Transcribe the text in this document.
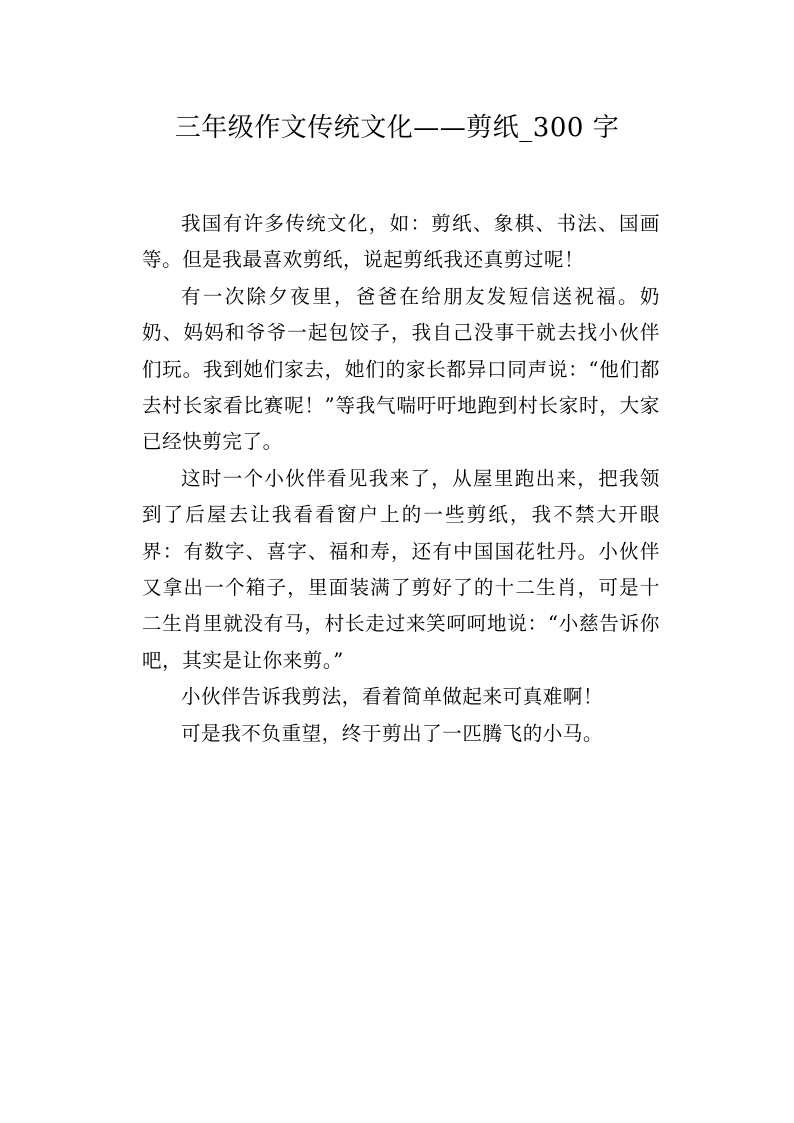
三年级作文传统文化——剪纸_300 字

我国有许多传统文化，如：剪纸、象棋、书法、国画等。但是我最喜欢剪纸，说起剪纸我还真剪过呢！

有一次除夕夜里，爸爸在给朋友发短信送祝福。奶奶、妈妈和爷爷一起包饺子，我自己没事干就去找小伙伴们玩。我到她们家去，她们的家长都异口同声说：“他们都去村长家看比赛呢！”等我气喘吁吁地跑到村长家时，大家已经快剪完了。

这时一个小伙伴看见我来了，从屋里跑出来，把我领到了后屋去让我看看窗户上的一些剪纸，我不禁大开眼界：有数字、喜字、福和寿，还有中国国花牡丹。小伙伴又拿出一个箱子，里面装满了剪好了的十二生肖，可是十二生肖里就没有马，村长走过来笑呵呵地说：“小慈告诉你吧，其实是让你来剪。”

小伙伴告诉我剪法，看着简单做起来可真难啊！

可是我不负重望，终于剪出了一匹腾飞的小马。
